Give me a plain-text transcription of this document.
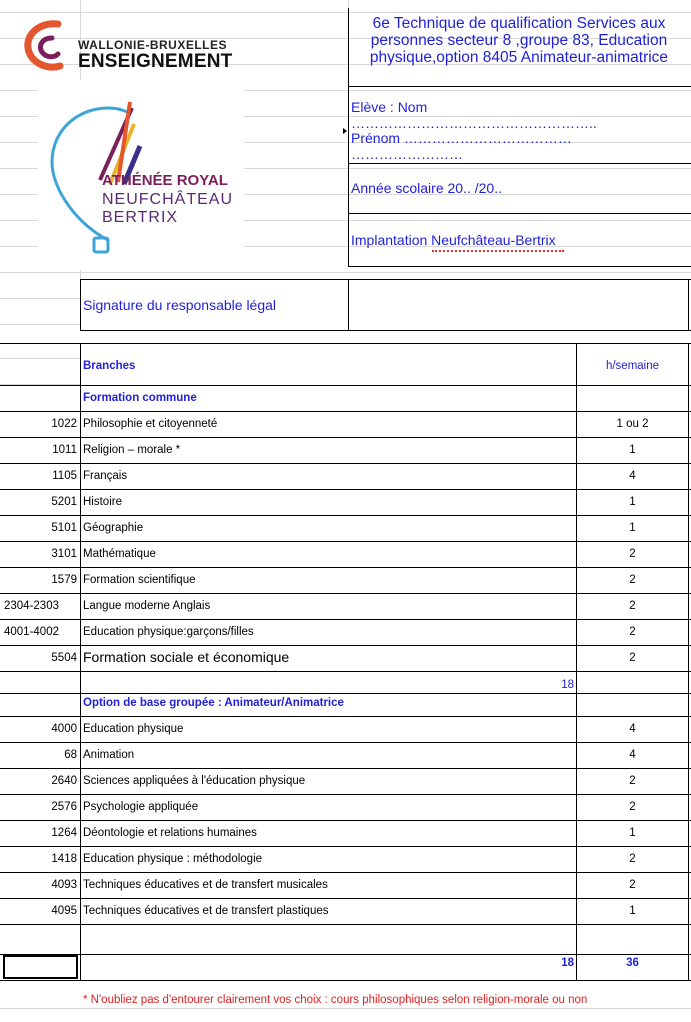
WALLONIE-BRUXELLES
ENSEIGNEMENT
ATHÉNÉE ROYAL
NEUFCHÂTEAU
BERTRIX
6e Technique de qualification Services aux personnes secteur 8 ,groupe 83, Education physique,option 8405 Animateur-animatrice
Elève : Nom ……………………………………………..
Prénom ………………………………
……………………
Année scolaire 20.. /20..
Implantation Neufchâteau-Bertrix
Signature du responsable légal
Branches	h/semaine
Formation commune
1022 Philosophie et citoyenneté	1 ou 2
1011 Religion – morale *	1
1105 Français	4
5201 Histoire	1
5101 Géographie	1
3101 Mathématique	2
1579 Formation scientifique	2
2304-2303	Langue moderne Anglais	2
4001-4002	Education physique:garçons/filles	2
5504 Formation sociale et économique	2
18
Option de base groupée : Animateur/Animatrice
4000 Education physique	4
68 Animation	4
2640 Sciences appliquées à l'éducation physique	2
2576 Psychologie appliquée	2
1264 Déontologie et relations humaines	1
1418 Education physique : méthodologie	2
4093 Techniques éducatives et de transfert musicales	2
4095 Techniques éducatives et de transfert plastiques	1
18	36
* N'oubliez pas d'entourer clairement vos choix : cours philosophiques selon religion-morale ou non
